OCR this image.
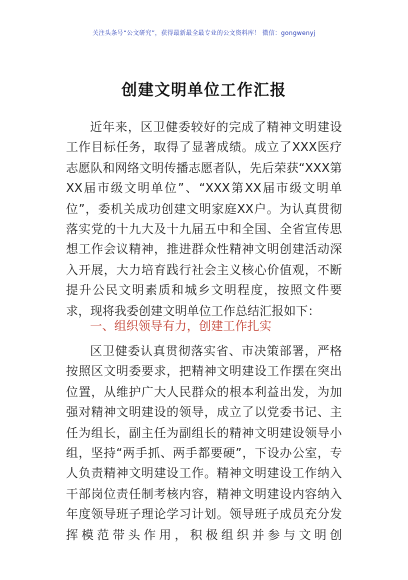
关注头条号“公文研究”，获得最新最全最专业的公文资料库！ 微信：gongwenyj
创建文明单位工作汇报

近年来，区卫健委较好的完成了精神文明建设工作目标任务，取得了显著成绩。成立了XXX医疗志愿队和网络文明传播志愿者队，先后荣获“XXX第XX届市级文明单位”、“XXX第XX届市级文明单位”，委机关成功创建文明家庭XX户。为认真贯彻落实党的十九大及十九届五中和全国、全省宣传思想工作会议精神，推进群众性精神文明创建活动深入开展，大力培育践行社会主义核心价值观，不断提升公民文明素质和城乡文明程度，按照文件要求，现将我委创建文明单位工作总结汇报如下：

一、组织领导有力，创建工作扎实

区卫健委认真贯彻落实省、市决策部署，严格按照区文明委要求，把精神文明建设工作摆在突出位置，从维护广大人民群众的根本利益出发，为加强对精神文明建设的领导，成立了以党委书记、主任为组长，副主任为副组长的精神文明建设领导小组，坚持“两手抓、两手都要硬”，下设办公室，专人负责精神文明建设工作。精神文明建设工作纳入干部岗位责任制考核内容，精神文明建设内容纳入年度领导班子理论学习计划。领导班子成员充分发挥模范带头作用，积极组织并参与文明创
